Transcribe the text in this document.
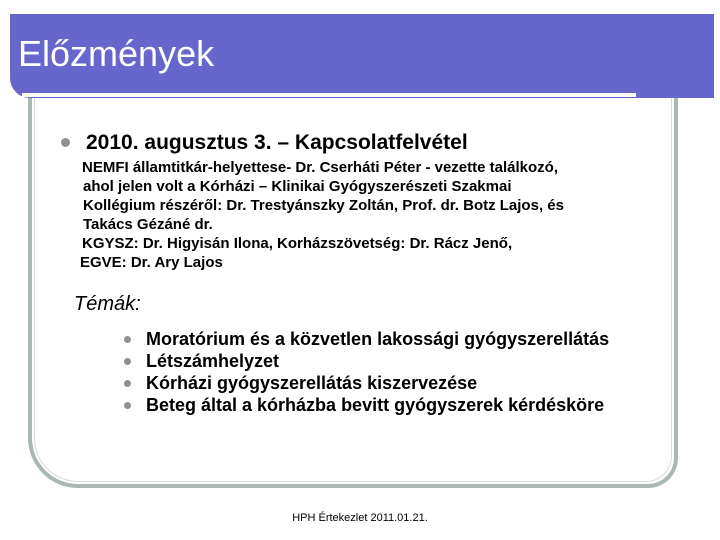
Előzmények
2010. augusztus 3. – Kapcsolatfelvétel

NEMFI államtitkár-helyettese- Dr. Cserháti Péter - vezette találkozó,

ahol jelen volt a Kórházi – Klinikai Gyógyszerészeti Szakmai

Kollégium részéről: Dr. Trestyánszky Zoltán, Prof. dr. Botz Lajos, és

Takács Gézáné dr.

KGYSZ: Dr. Higyisán Ilona, Korházszövetség: Dr. Rácz Jenő,

EGVE: Dr. Ary Lajos

Témák:
Moratórium és a közvetlen lakossági gyógyszerellátás
Létszámhelyzet
Kórházi gyógyszerellátás kiszervezése
Beteg által a kórházba bevitt gyógyszerek kérdésköre
HPH Értekezlet 2011.01.21.
